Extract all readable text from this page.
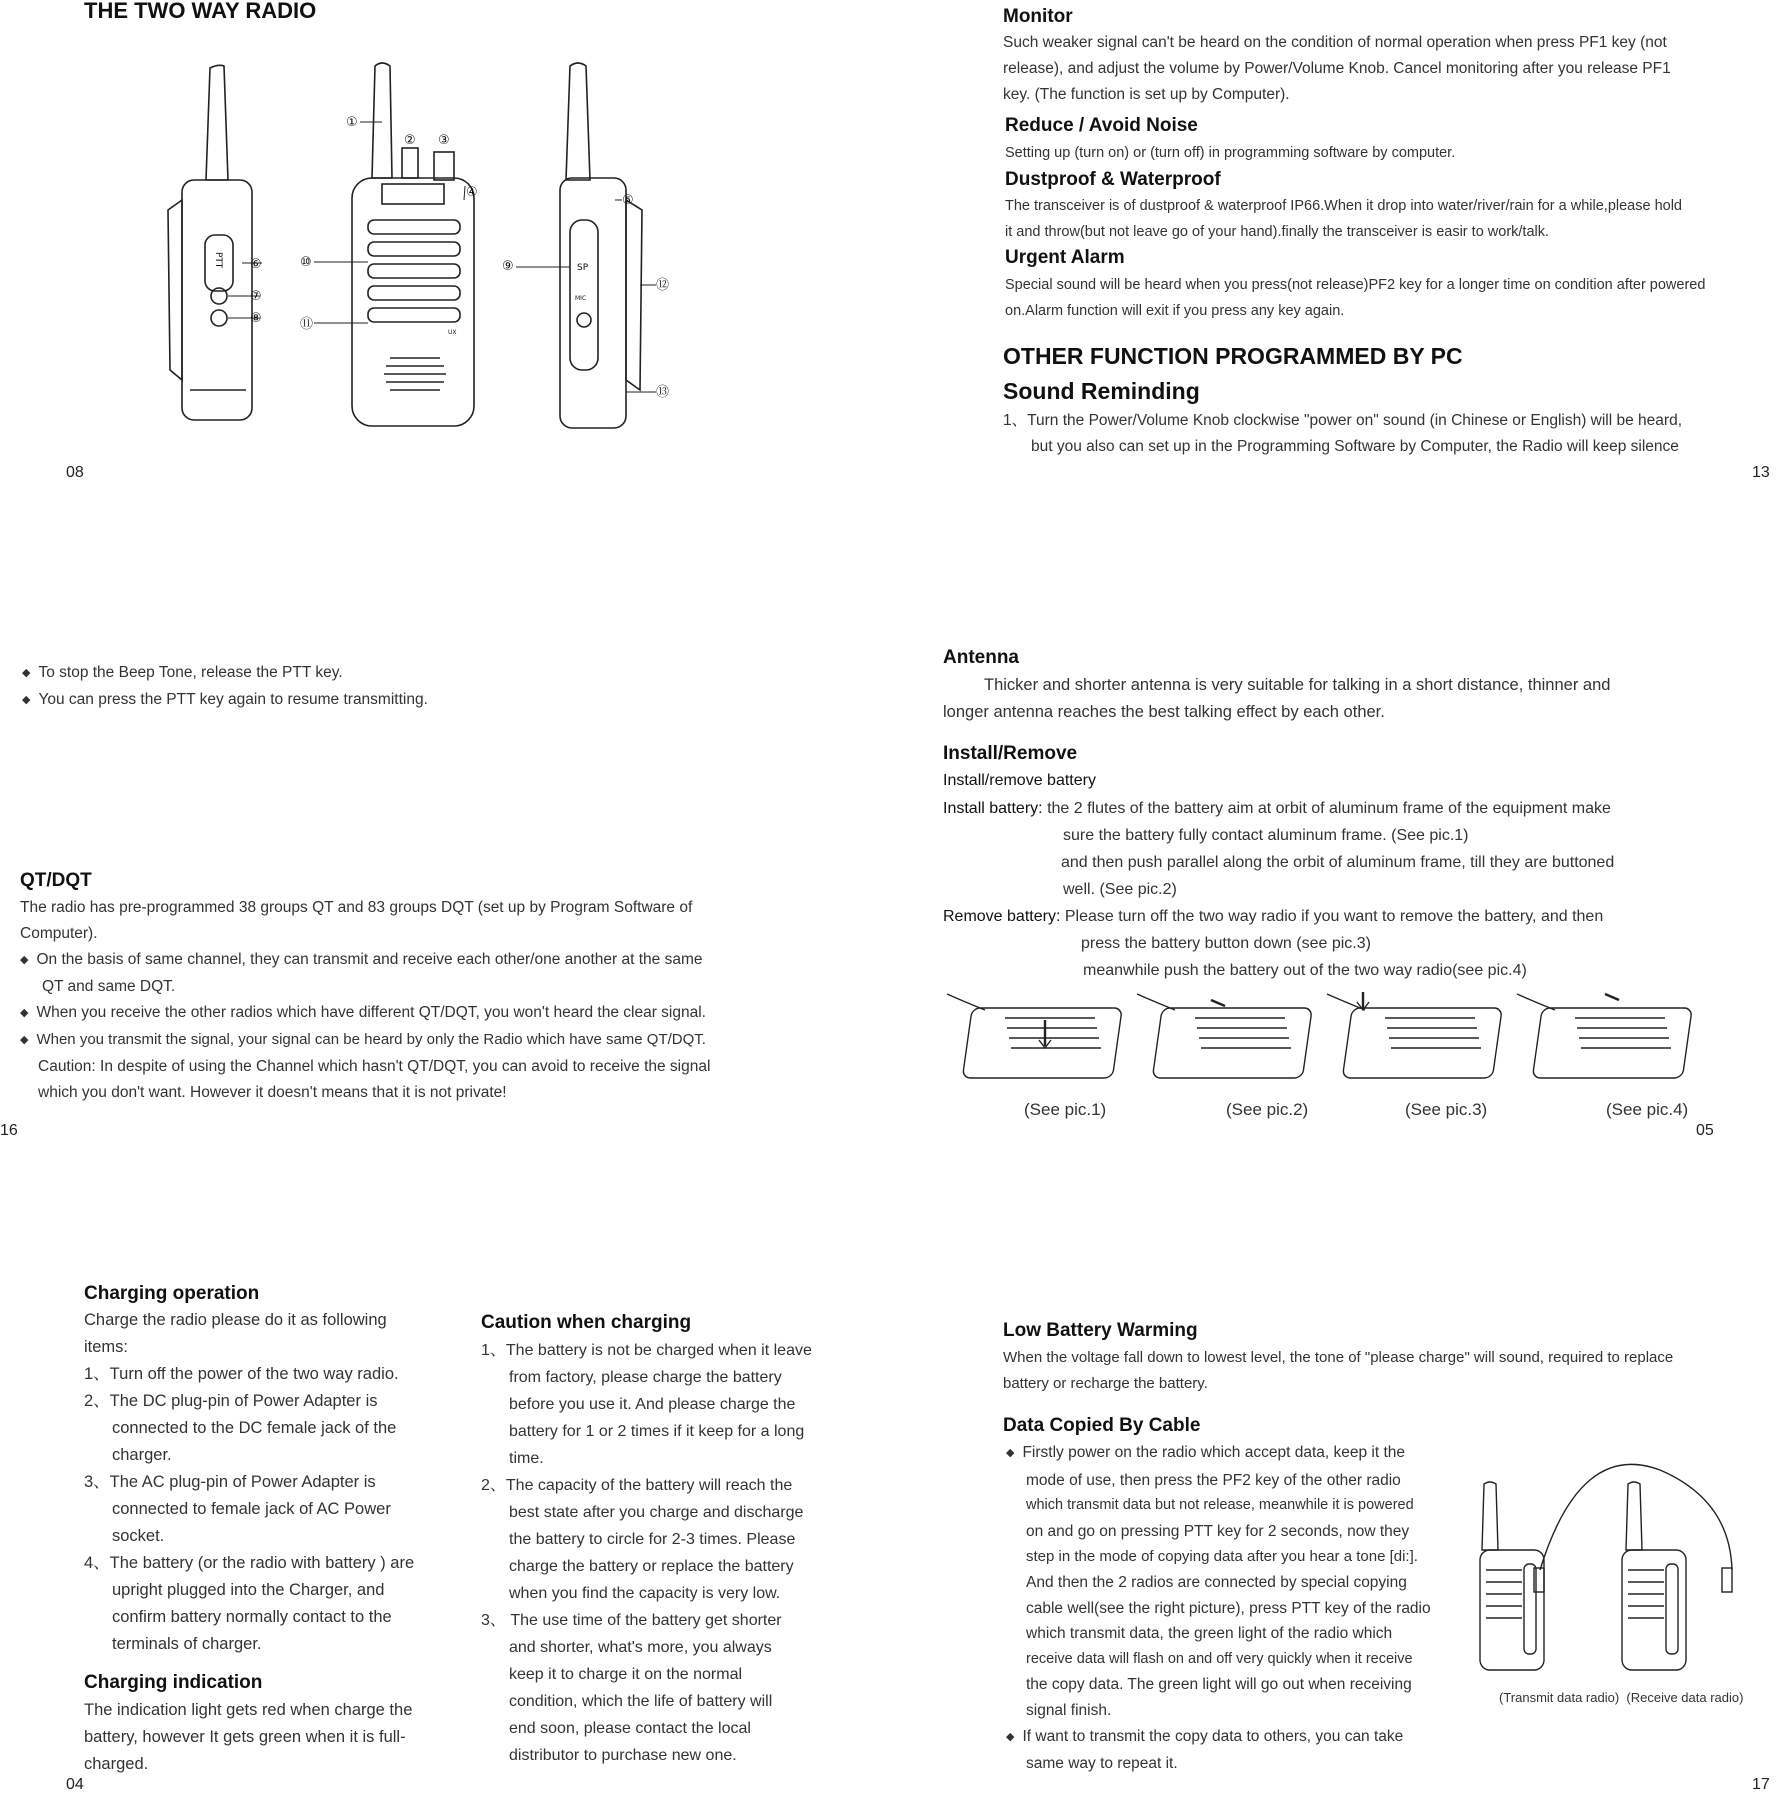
THE TWO WAY RADIO
①
② ③
④
⑤
⑥
⑦
⑧
⑨
⑩
⑪
⑫
⑬
PTT	SP
MIC
UX
08
Monitor

Such weaker signal can't be heard on the condition of normal operation when press PF1 key (not

release), and adjust the volume by Power/Volume Knob. Cancel monitoring after you release PF1

key. (The function is set up by Computer).

Reduce / Avoid Noise
Setting up (turn on) or (turn off) in programming software by computer.
Dustproof & Waterproof

The transceiver is of dustproof & waterproof IP66.When it drop into water/river/rain for a while,please hold

it and throw(but not leave go of your hand).finally the transceiver is easir to work/talk.

Urgent Alarm

Special sound will be heard when you press(not release)PF2 key for a longer time on condition after powered

on.Alarm function will exit if you press any key again.

OTHER FUNCTION PROGRAMMED BY PC
Sound Reminding

1、Turn the Power/Volume Knob clockwise "power on" sound (in Chinese or English) will be heard,

but you also can set up in the Programming Software by Computer, the Radio will keep silence

13

◆ To stop the Beep Tone, release the PTT key.

◆ You can press the PTT key again to resume transmitting.

QT/DQT

The radio has pre-programmed 38 groups QT and 83 groups DQT (set up by Program Software of

Computer).

◆ On the basis of same channel, they can transmit and receive each other/one another at the same

QT and same DQT.

◆ When you receive the other radios which have different QT/DQT, you won't heard the clear signal.

◆ When you transmit the signal, your signal can be heard by only the Radio which have same QT/DQT.

Caution: In despite of using the Channel which hasn't QT/DQT, you can avoid to receive the signal

which you don't want. However it doesn't means that it is not private!

16
Antenna

Thicker and shorter antenna is very suitable for talking in a short distance, thinner and

longer antenna reaches the best talking effect by each other.

Install/Remove
Install/remove battery

Install battery: the 2 flutes of the battery aim at orbit of aluminum frame of the equipment make

sure the battery fully contact aluminum frame. (See pic.1)

and then push parallel along the orbit of aluminum frame, till they are buttoned

well. (See pic.2)

Remove battery: Please turn off the two way radio if you want to remove the battery, and then

press the battery button down (see pic.3)

meanwhile push the battery out of the two way radio(see pic.4)

(See pic.1)	(See pic.2)	(See pic.3)	(See pic.4)
05
Charging operation

Charge the radio please do it as following

items:

1、Turn off the power of the two way radio.

2、The DC plug-pin of Power Adapter is

connected to the DC female jack of the

charger.

3、The AC plug-pin of Power Adapter is

connected to female jack of AC Power

socket.

4、The battery (or the radio with battery ) are

upright plugged into the Charger, and

confirm battery normally contact to the

terminals of charger.

Charging indication

The indication light gets red when charge the

battery, however It gets green when it is full-

charged.

Caution when charging

1、The battery is not be charged when it leave

from factory, please charge the battery

before you use it. And please charge the

battery for 1 or 2 times if it keep for a long

time.

2、The capacity of the battery will reach the

best state after you charge and discharge

the battery to circle for 2-3 times. Please

charge the battery or replace the battery

when you find the capacity is very low.

3、 The use time of the battery get shorter

and shorter, what's more, you always

keep it to charge it on the normal

condition, which the life of battery will

end soon, please contact the local

distributor to purchase new one.

04
Low Battery Warming

When the voltage fall down to lowest level, the tone of "please charge" will sound, required to replace

battery or recharge the battery.

Data Copied By Cable

◆ Firstly power on the radio which accept data, keep it the

mode of use, then press the PF2 key of the other radio

which transmit data but not release, meanwhile it is powered

on and go on pressing PTT key for 2 seconds, now they

step in the mode of copying data after you hear a tone [di:].

And then the 2 radios are connected by special copying

cable well(see the right picture), press PTT key of the radio

which transmit data, the green light of the radio which

receive data will flash on and off very quickly when it receive

the copy data. The green light will go out when receiving

signal finish.

◆ If want to transmit the copy data to others, you can take

same way to repeat it.

(Transmit data radio)  (Receive data radio)
17
